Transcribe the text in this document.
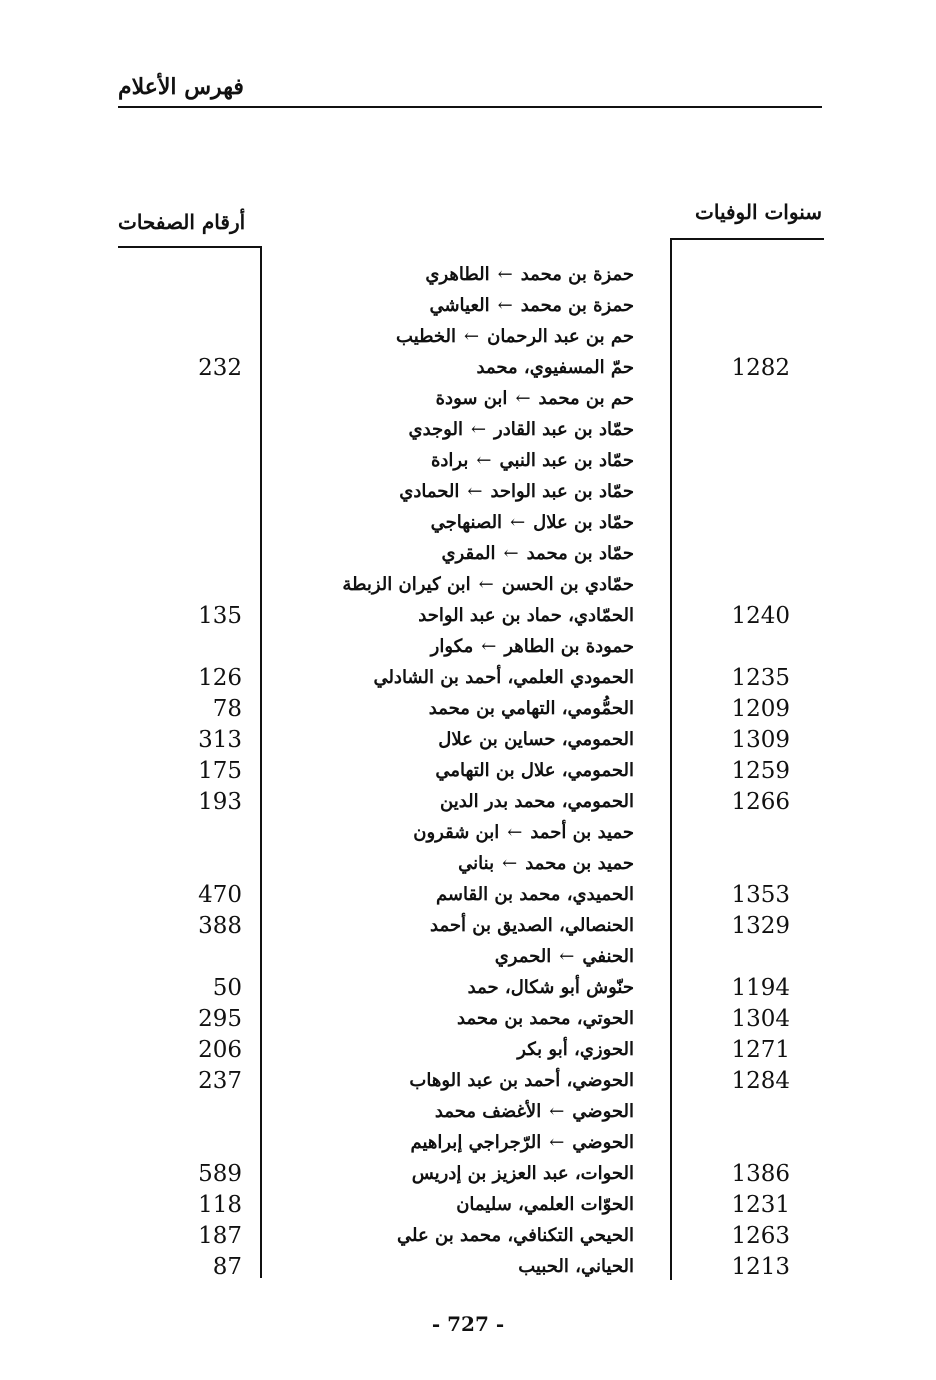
فهرس الأعلام
أرقام الصفحات	سنوات الوفيات
حمزة بن محمد←الطاهري
حمزة بن محمد←العياشي
حم بن عبد الرحمان←الخطيب
232	حمّ المسفيوي، محمد	1282
حم بن محمد←ابن سودة
حمّاد بن عبد القادر←الوجدي
حمّاد بن عبد النبي←برادة
حمّاد بن عبد الواحد←الحمادي
حمّاد بن علال←الصنهاجي
حمّاد بن محمد←المقري
حمّادي بن الحسن←ابن كيران الزبطة
135	الحمّادي، حماد بن عبد الواحد	1240
حمودة بن الطاهر←مكوار
126	الحمودي العلمي، أحمد بن الشادلي	1235
78	الحمُّومي، التهامي بن محمد	1209
313	الحمومي، حساين بن علال	1309
175	الحمومي، علال بن التهامي	1259
193	الحمومي، محمد بدر الدين	1266
حميد بن أحمد←ابن شقرون
حميد بن محمد←بناني
470	الحميدي، محمد بن القاسم	1353
388	الحنصالي، الصديق بن أحمد	1329
الحنفي←الحمري
50	حنّوش أبو شكال، حمد	1194
295	الحوتي، محمد بن محمد	1304
206	الحوزي، أبو بكر	1271
237	الحوضي، أحمد بن عبد الوهاب	1284
الحوضي←الأغضف محمد
الحوضي←الرّجراجي إبراهيم
589	الحوات، عبد العزيز بن إدريس	1386
118	الحوّات العلمي، سليمان	1231
187	الحيحي التكنافي، محمد بن علي	1263
87	الحياني، الحبيب	1213
- 727 -
